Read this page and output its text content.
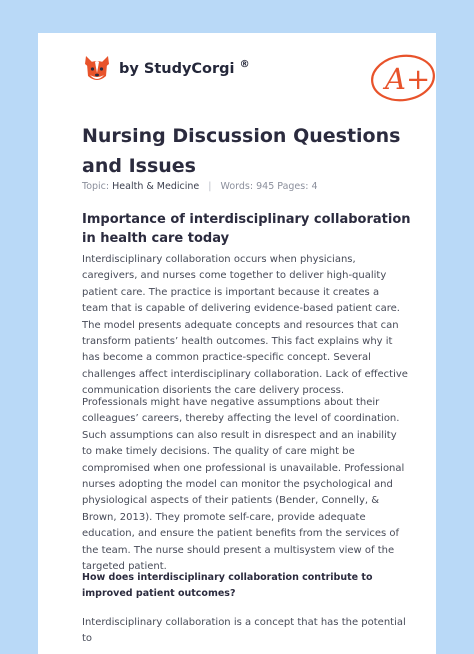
by StudyCorgi ®	A+
Nursing Discussion Questions and Issues
Topic: Health & Medicine | Words: 945 Pages: 4
Importance of interdisciplinary collaboration in health care today

Interdisciplinary collaboration occurs when physicians, caregivers, and nurses come together to deliver high-quality patient care. The practice is important because it creates a team that is capable of delivering evidence-based patient care. The model presents adequate concepts and resources that can transform patients’ health outcomes. This fact explains why it has become a common practice-specific concept. Several challenges affect interdisciplinary collaboration. Lack of effective communication disorients the care delivery process.

Professionals might have negative assumptions about their colleagues’ careers, thereby affecting the level of coordination. Such assumptions can also result in disrespect and an inability to make timely decisions. The quality of care might be compromised when one professional is unavailable. Professional nurses adopting the model can monitor the psychological and physiological aspects of their patients (Bender, Connelly, & Brown, 2013). They promote self-care, provide adequate education, and ensure the patient benefits from the services of the team. The nurse should present a multisystem view of the targeted patient.

How does interdisciplinary collaboration contribute to improved patient outcomes?

Interdisciplinary collaboration is a concept that has the potential to
